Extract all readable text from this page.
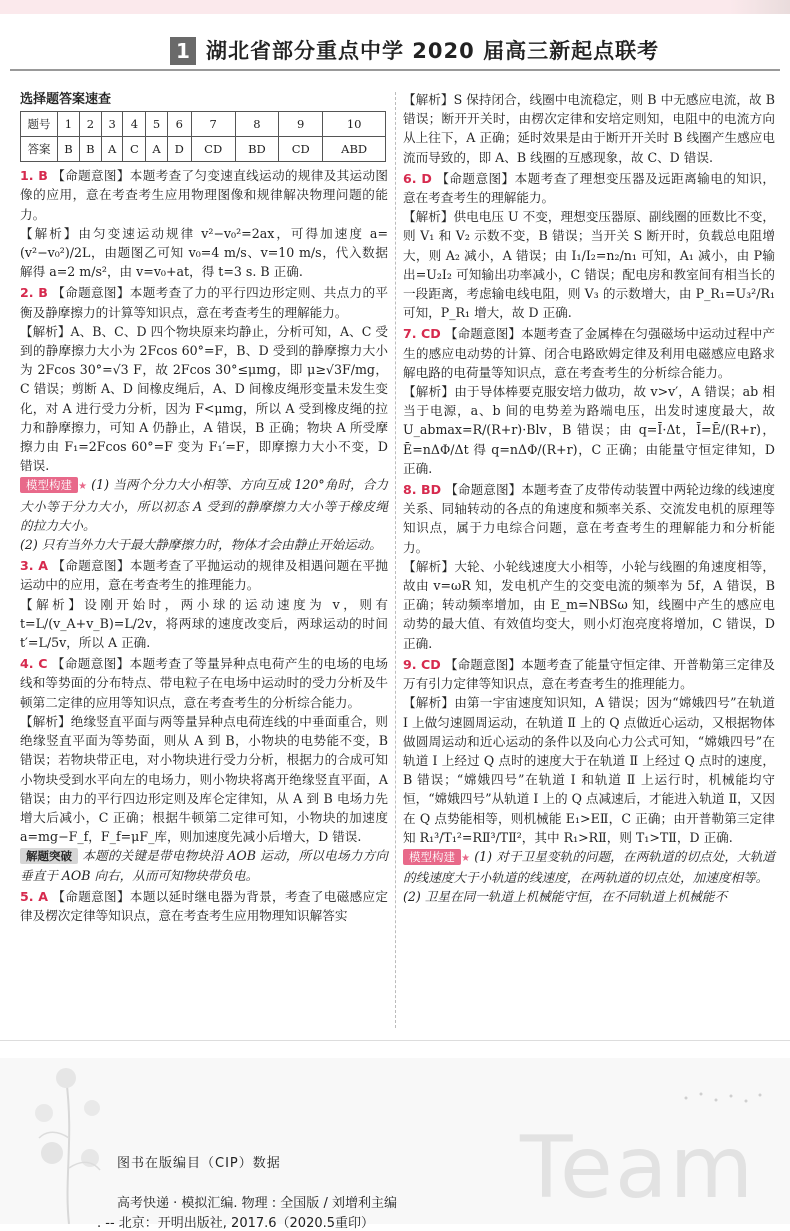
1 湖北省部分重点中学 2020 届高三新起点联考
选择题答案速查
题号	1	2	3	4	5	6	7	8	9	10
答案	B	B	A	C	A	D	CD	BD	CD	ABD

1. B 【命题意图】本题考查了匀变速直线运动的规律及其运动图像的应用，意在考查考生应用物理图像和规律解决物理问题的能力。

【解析】由匀变速运动规律 v²−v₀²=2ax，可得加速度 a=(v²−v₀²)/2L，由题图乙可知 v₀=4 m/s、v=10 m/s，代入数据解得 a=2 m/s²，由 v=v₀+at，得 t=3 s. B 正确.

2. B 【命题意图】本题考查了力的平行四边形定则、共点力的平衡及静摩擦力的计算等知识点，意在考查考生的理解能力。

【解析】A、B、C、D 四个物块原来均静止，分析可知，A、C 受到的静摩擦力大小为 2Fcos 60°=F，B、D 受到的静摩擦力大小为 2Fcos 30°=√3 F，故 2Fcos 30°≤μmg，即 μ≥√3F/mg，C 错误；剪断 A、D 间橡皮绳后，A、D 间橡皮绳形变量未发生变化，对 A 进行受力分析，因为 F<μmg，所以 A 受到橡皮绳的拉力和静摩擦力，可知 A 仍静止，A 错误，B 正确；物块 A 所受摩擦力由 F₁=2Fcos 60°=F 变为 F₁′=F，即摩擦力大小不变，D 错误.

模型构建 ★ (1) 当两个分力大小相等、方向互成 120°角时，合力大小等于分力大小，所以初态 A 受到的静摩擦力大小等于橡皮绳的拉力大小。

(2) 只有当外力大于最大静摩擦力时，物体才会由静止开始运动。

3. A 【命题意图】本题考查了平抛运动的规律及相遇问题在平抛运动中的应用，意在考查考生的推理能力。

【解析】设刚开始时，两小球的运动速度为 v，则有 t=L/(v_A+v_B)=L/2v，将两球的速度改变后，两球运动的时间 t′=L/5v，所以 A 正确.

4. C 【命题意图】本题考查了等量异种点电荷产生的电场的电场线和等势面的分布特点、带电粒子在电场中运动时的受力分析及牛顿第二定律的应用等知识点，意在考查考生的分析综合能力。

【解析】绝缘竖直平面与两等量异种点电荷连线的中垂面重合，则绝缘竖直平面为等势面，则从 A 到 B，小物块的电势能不变，B 错误；若物块带正电，对小物块进行受力分析，根据力的合成可知小物块受到水平向左的电场力，则小物块将离开绝缘竖直平面，A 错误；由力的平行四边形定则及库仑定律知，从 A 到 B 电场力先增大后减小，C 正确；根据牛顿第二定律可知，小物块的加速度 a=mg−F_f，F_f=μF_库，则加速度先减小后增大，D 错误.

解题突破 本题的关键是带电物块沿 AOB 运动，所以电场力方向垂直于 AOB 向右，从而可知物块带负电。

5. A 【命题意图】本题以延时继电器为背景，考查了电磁感应定律及楞次定律等知识点，意在考查考生应用物理知识解答实

【解析】S 保持闭合，线圈中电流稳定，则 B 中无感应电流，故 B 错误；断开开关时，由楞次定律和安培定则知，电阻中的电流方向从上往下，A 正确；延时效果是由于断开开关时 B 线圈产生感应电流而导致的，即 A、B 线圈的互感现象，故 C、D 错误.

6. D 【命题意图】本题考查了理想变压器及远距离输电的知识，意在考查考生的理解能力。

【解析】供电电压 U 不变，理想变压器原、副线圈的匝数比不变，则 V₁ 和 V₂ 示数不变，B 错误；当开关 S 断开时，负载总电阻增大，则 A₂ 减小，A 错误；由 I₁/I₂=n₂/n₁ 可知，A₁ 减小，由 P输出=U₂I₂ 可知输出功率减小，C 错误；配电房和教室间有相当长的一段距离，考虑输电线电阻，则 V₃ 的示数增大，由 P_R₁=U₃²/R₁ 可知，P_R₁ 增大，故 D 正确.

7. CD 【命题意图】本题考查了金属棒在匀强磁场中运动过程中产生的感应电动势的计算、闭合电路欧姆定律及利用电磁感应电路求解电路的电荷量等知识点，意在考查考生的分析综合能力。

【解析】由于导体棒要克服安培力做功，故 v>v′，A 错误；ab 相当于电源，a、b 间的电势差为路端电压，出发时速度最大，故 U_abmax=R/(R+r)·Blv，B 错误；由 q=Ī·Δt，Ī=Ē/(R+r)，Ē=nΔΦ/Δt 得 q=nΔΦ/(R+r)，C 正确；由能量守恒定律知，D 正确.

8. BD 【命题意图】本题考查了皮带传动装置中两轮边缘的线速度关系、同轴转动的各点的角速度和频率关系、交流发电机的原理等知识点，属于力电综合问题，意在考查考生的理解能力和分析能力。

【解析】大轮、小轮线速度大小相等，小轮与线圈的角速度相等，故由 v=ωR 知，发电机产生的交变电流的频率为 5f，A 错误，B 正确；转动频率增加，由 E_m=NBSω 知，线圈中产生的感应电动势的最大值、有效值均变大，则小灯泡亮度将增加，C 错误，D 正确.

9. CD 【命题意图】本题考查了能量守恒定律、开普勒第三定律及万有引力定律等知识点，意在考查考生的推理能力。

【解析】由第一宇宙速度知识知，A 错误；因为“嫦娥四号”在轨道 Ⅰ 上做匀速圆周运动，在轨道 Ⅱ 上的 Q 点做近心运动，又根据物体做圆周运动和近心运动的条件以及向心力公式可知，“嫦娥四号”在轨道 Ⅰ 上经过 Q 点时的速度大于在轨道 Ⅱ 上经过 Q 点时的速度，B 错误；“嫦娥四号”在轨道 Ⅰ 和轨道 Ⅱ 上运行时，机械能均守恒，“嫦娥四号”从轨道 Ⅰ 上的 Q 点减速后，才能进入轨道 Ⅱ，又因在 Q 点势能相等，则机械能 E₁>EⅡ，C 正确；由开普勒第三定律知 R₁³/T₁²=RⅡ³/TⅡ²，其中 R₁>RⅡ，则 T₁>TⅡ，D 正确.

模型构建 ★ (1) 对于卫星变轨的问题，在两轨道的切点处，大轨道的线速度大于小轨道的线速度，在两轨道的切点处，加速度相等。

(2) 卫星在同一轨道上机械能守恒，在不同轨道上机械能不

Team
图书在版编目（CIP）数据
高考快递 · 模拟汇编. 物理 : 全国版 / 刘增利主编
. -- 北京：开明出版社, 2017.6（2020.5重印）
